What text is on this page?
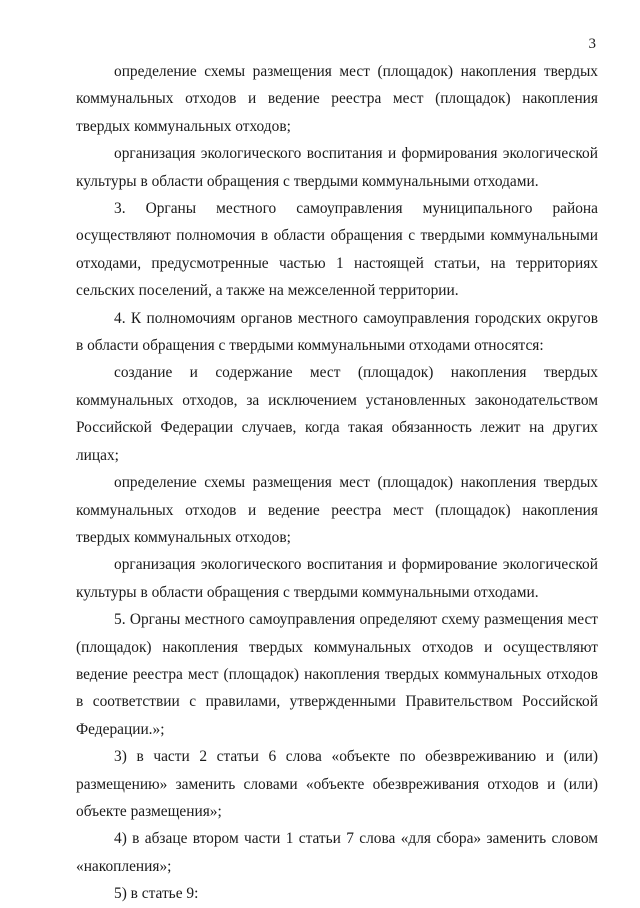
3

определение схемы размещения мест (площадок) накопления твердых коммунальных отходов и ведение реестра мест (площадок) накопления твердых коммунальных отходов;

организация экологического воспитания и формирования экологической культуры в области обращения с твердыми коммунальными отходами.

3. Органы местного самоуправления муниципального района осуществляют полномочия в области обращения с твердыми коммунальными отходами, предусмотренные частью 1 настоящей статьи, на территориях сельских поселений, а также на межселенной территории.

4. К полномочиям органов местного самоуправления городских округов в области обращения с твердыми коммунальными отходами относятся:

создание и содержание мест (площадок) накопления твердых коммунальных отходов, за исключением установленных законодательством Российской Федерации случаев, когда такая обязанность лежит на других лицах;

определение схемы размещения мест (площадок) накопления твердых коммунальных отходов и ведение реестра мест (площадок) накопления твердых коммунальных отходов;

организация экологического воспитания и формирование экологической культуры в области обращения с твердыми коммунальными отходами.

5. Органы местного самоуправления определяют схему размещения мест (площадок) накопления твердых коммунальных отходов и осуществляют ведение реестра мест (площадок) накопления твердых коммунальных отходов в соответствии с правилами, утвержденными Правительством Российской Федерации.»;

3) в части 2 статьи 6 слова «объекте по обезвреживанию и (или) размещению» заменить словами «объекте обезвреживания отходов и (или) объекте размещения»;

4) в абзаце втором части 1 статьи 7 слова «для сбора» заменить словом «накопления»;

5) в статье 9:
